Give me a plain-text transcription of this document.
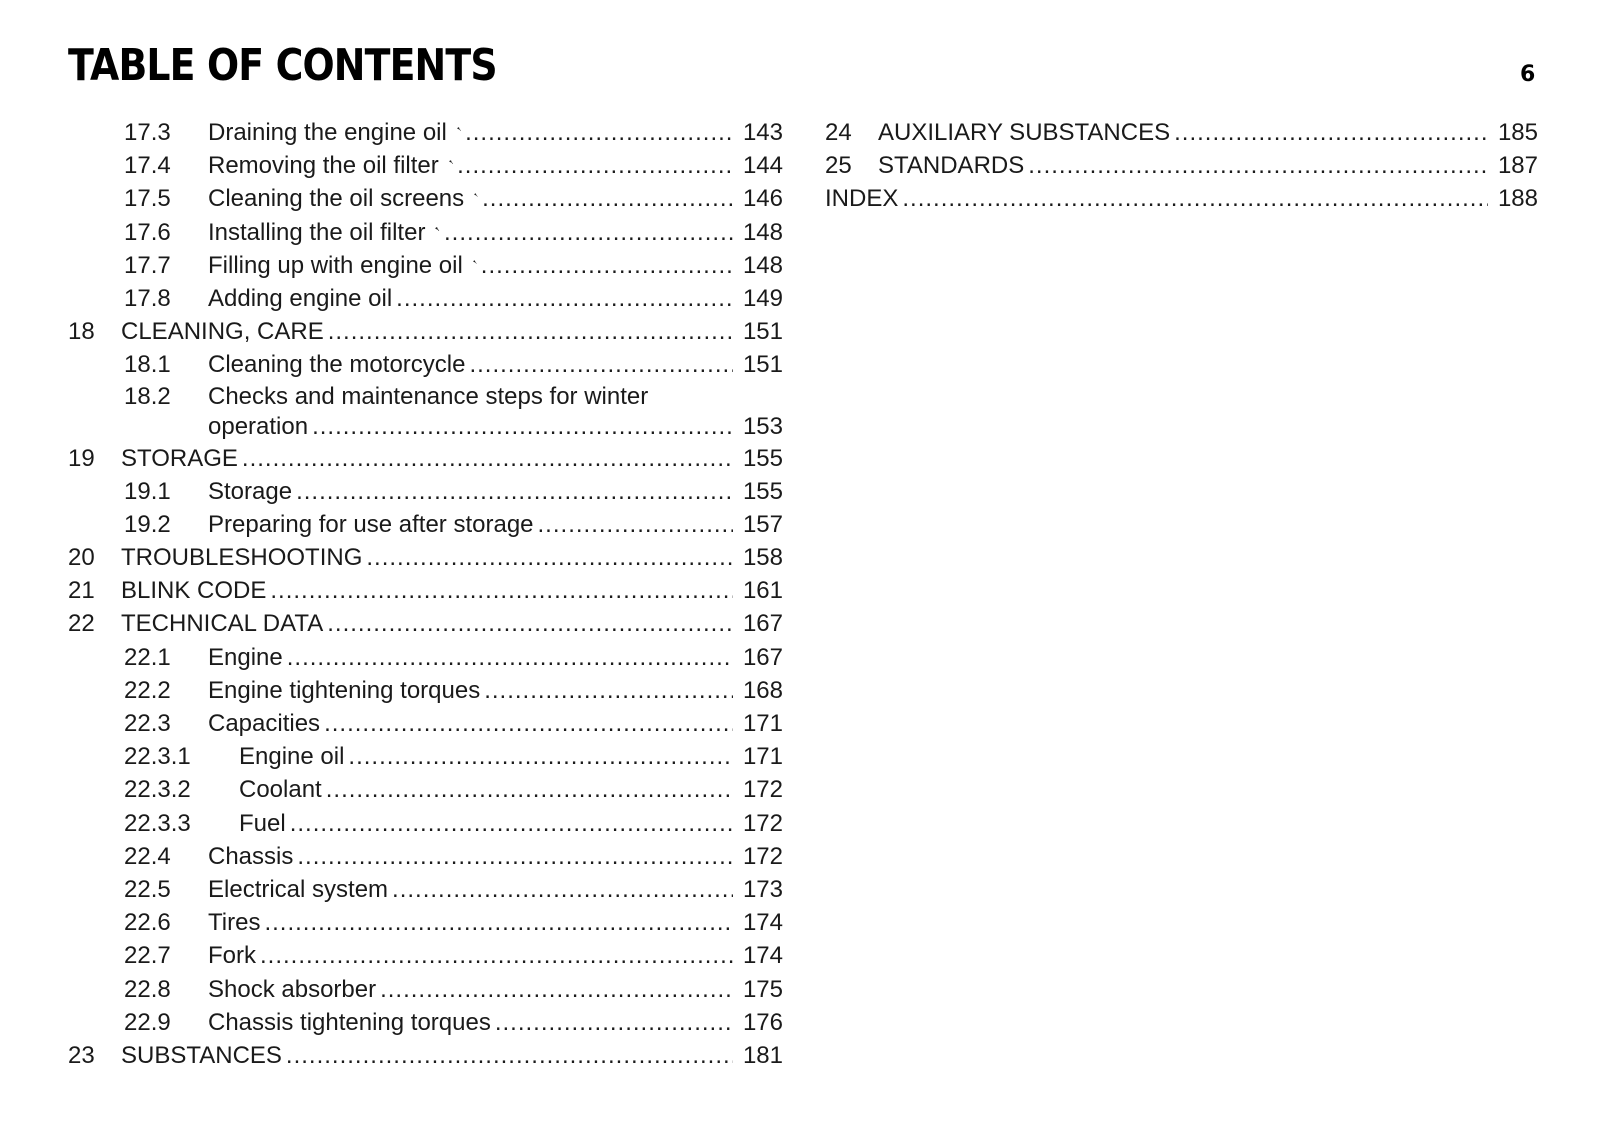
TABLE OF CONTENTS	6
17.3	Draining the engine oil .....	143
17.4	Removing the oil filter .....	144
17.5	Cleaning the oil screens .....	146
17.6	Installing the oil filter .....	148
17.7	Filling up with engine oil .....	148
17.8	Adding engine oil .....	149
18	CLEANING, CARE .....	151
18.1	Cleaning the motorcycle .....	151
18.2	Checks and maintenance steps for winter
operation .....	153
19	STORAGE .....	155
19.1	Storage .....	155
19.2	Preparing for use after storage .....	157
20	TROUBLESHOOTING .....	158
21	BLINK CODE .....	161
22	TECHNICAL DATA .....	167
22.1	Engine .....	167
22.2	Engine tightening torques .....	168
22.3	Capacities .....	171
22.3.1	Engine oil .....	171
22.3.2	Coolant .....	172
22.3.3	Fuel .....	172
22.4	Chassis .....	172
22.5	Electrical system .....	173
22.6	Tires .....	174
22.7	Fork .....	174
22.8	Shock absorber .....	175
22.9	Chassis tightening torques .....	176
23	SUBSTANCES .....	181
24	AUXILIARY SUBSTANCES .....	185
25	STANDARDS .....	187
INDEX .....	188
